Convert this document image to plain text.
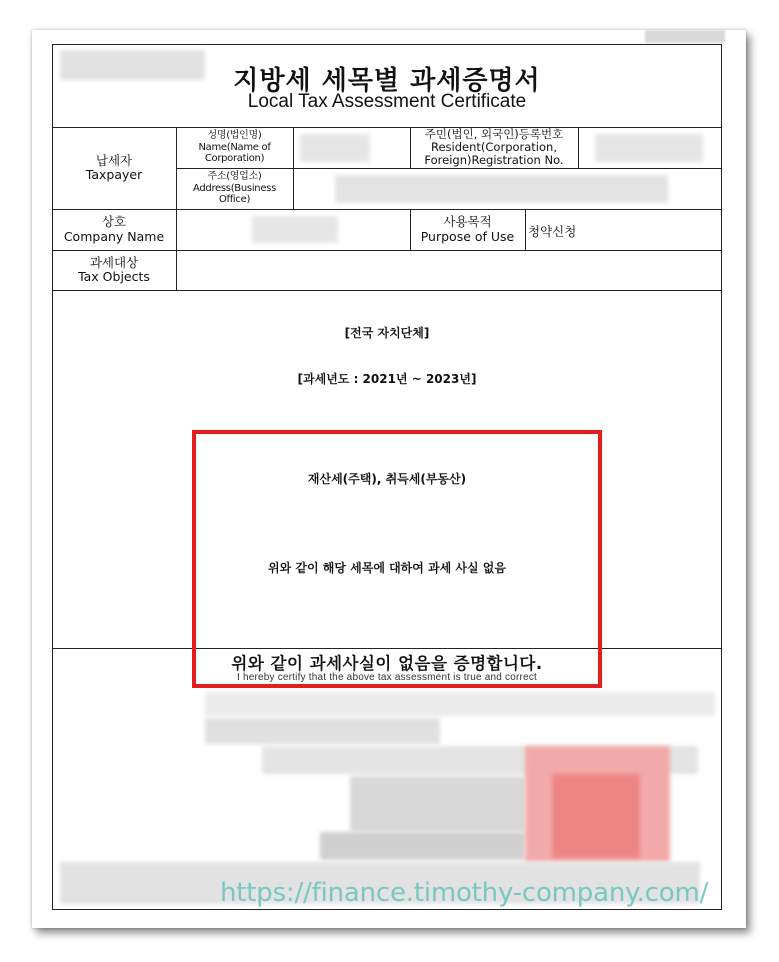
지방세 세목별 과세증명서
Local Tax Assessment Certificate
납세자
Taxpayer
성명(법인명)
Name(Name of Corporation)
주민(법인, 외국인)등록번호
Resident(Corporation, Foreign)Registration No.
주소(영업소)
Address(Business Office)
상호
Company Name
사용목적
Purpose of Use 청약신청
과세대상
Tax Objects
[전국 자치단체]
[과세년도 : 2021년 ~ 2023년]
재산세(주택), 취득세(부동산)
위와 같이 해당 세목에 대하여 과세 사실 없음
위와 같이 과세사실이 없음을 증명합니다.
I hereby certify that the above tax assessment is true and correct
https://finance.timothy-company.com/
